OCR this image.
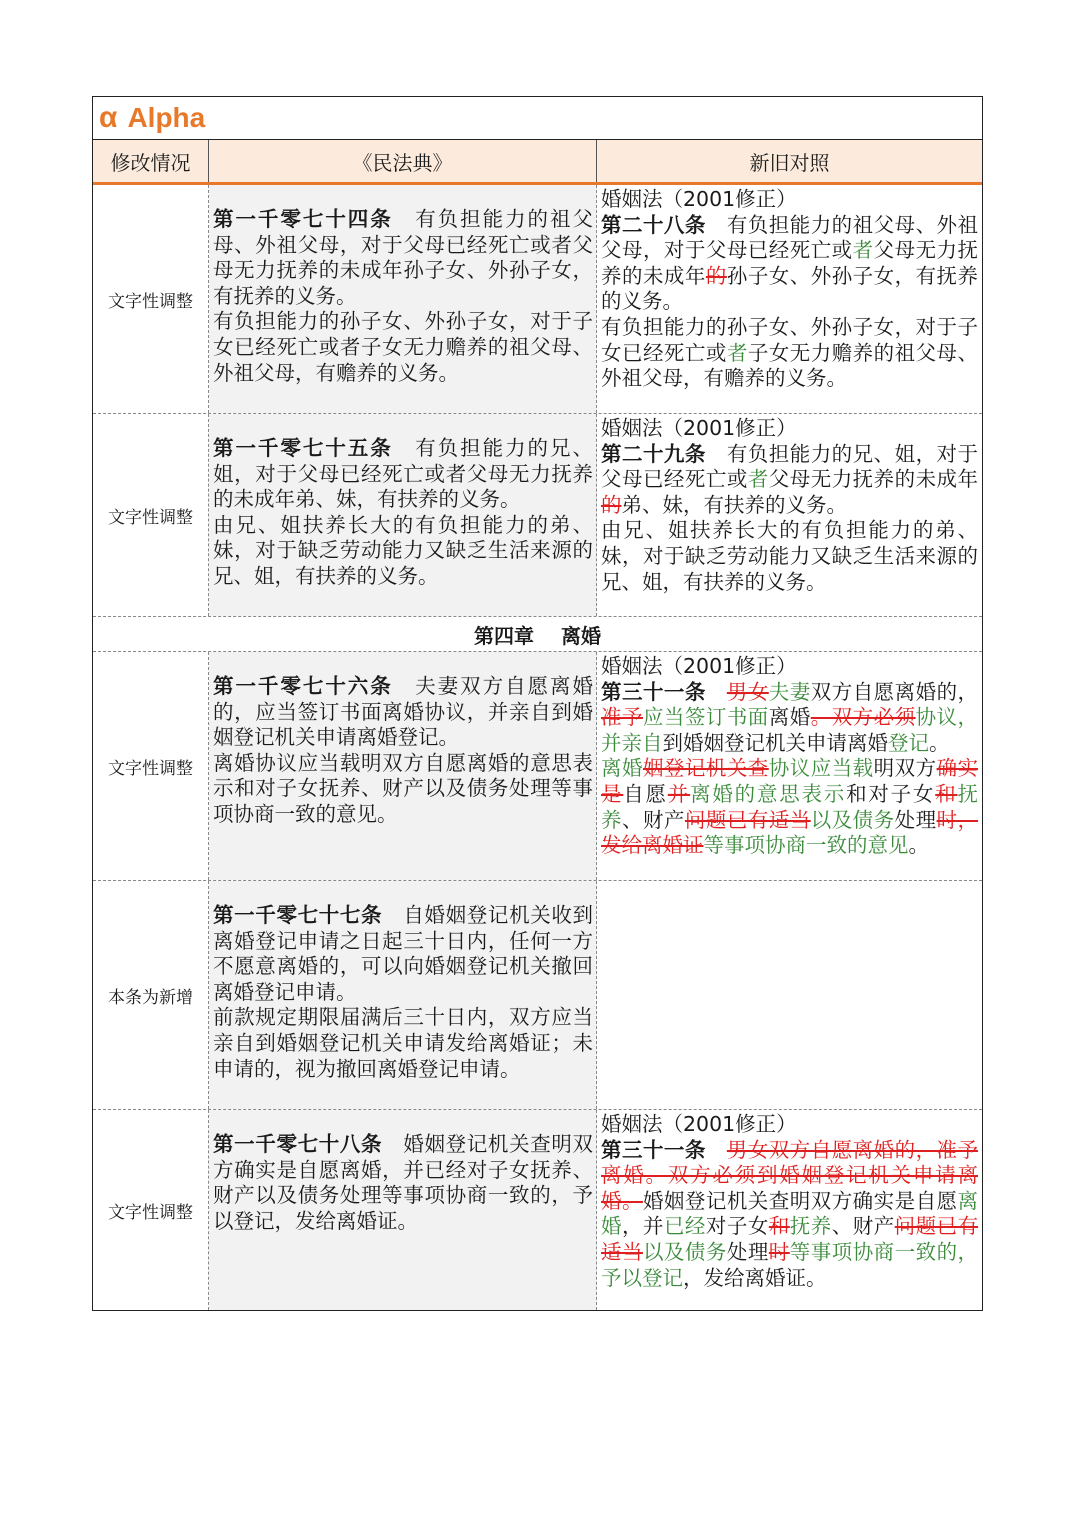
α Alpha
修改情况	《民法典》	新旧对照
文字性调整

第一千零七十四条　有负担能力的祖父母、外祖父母，对于父母已经死亡或者父母无力抚养的未成年孙子女、外孙子女，有抚养的义务。

有负担能力的孙子女、外孙子女，对于子女已经死亡或者子女无力赡养的祖父母、外祖父母，有赡养的义务。

婚姻法（2001修正）

第二十八条　有负担能力的祖父母、外祖父母，对于父母已经死亡或者父母无力抚养的未成年的孙子女、外孙子女，有抚养的义务。

有负担能力的孙子女、外孙子女，对于子女已经死亡或者子女无力赡养的祖父母、外祖父母，有赡养的义务。

文字性调整

第一千零七十五条　有负担能力的兄、姐，对于父母已经死亡或者父母无力抚养的未成年弟、妹，有扶养的义务。

由兄、姐扶养长大的有负担能力的弟、妹，对于缺乏劳动能力又缺乏生活来源的兄、姐，有扶养的义务。

婚姻法（2001修正）

第二十九条　有负担能力的兄、姐，对于父母已经死亡或者父母无力抚养的未成年的弟、妹，有扶养的义务。

由兄、姐扶养长大的有负担能力的弟、妹，对于缺乏劳动能力又缺乏生活来源的兄、姐，有扶养的义务。

第四章　 离婚
文字性调整

第一千零七十六条　夫妻双方自愿离婚的，应当签订书面离婚协议，并亲自到婚姻登记机关申请离婚登记。

离婚协议应当载明双方自愿离婚的意思表示和对子女抚养、财产以及债务处理等事项协商一致的意见。

婚姻法（2001修正）

第三十一条　 男女夫妻双方自愿离婚的，准予应当签订书面离婚。双方必须协议，并亲自到婚姻登记机关申请离婚登记。

离婚姻登记机关查协议应当载明双方确实是自愿并离婚的意思表示和对子女和抚养、财产问题已有适当以及债务处理时，发给离婚证等事项协商一致的意见。

本条为新增

第一千零七十七条　自婚姻登记机关收到离婚登记申请之日起三十日内，任何一方不愿意离婚的，可以向婚姻登记机关撤回离婚登记申请。

前款规定期限届满后三十日内，双方应当亲自到婚姻登记机关申请发给离婚证；未申请的，视为撤回离婚登记申请。

文字性调整

第一千零七十八条　婚姻登记机关查明双方确实是自愿离婚，并已经对子女抚养、财产以及债务处理等事项协商一致的，予以登记，发给离婚证。

婚姻法（2001修正）

第三十一条　 男女双方自愿离婚的，准予离婚。双方必须到婚姻登记机关申请离婚。婚姻登记机关查明双方确实是自愿离婚，并已经对子女和抚养、财产问题已有适当以及债务处理时等事项协商一致的，予以登记，发给离婚证。
